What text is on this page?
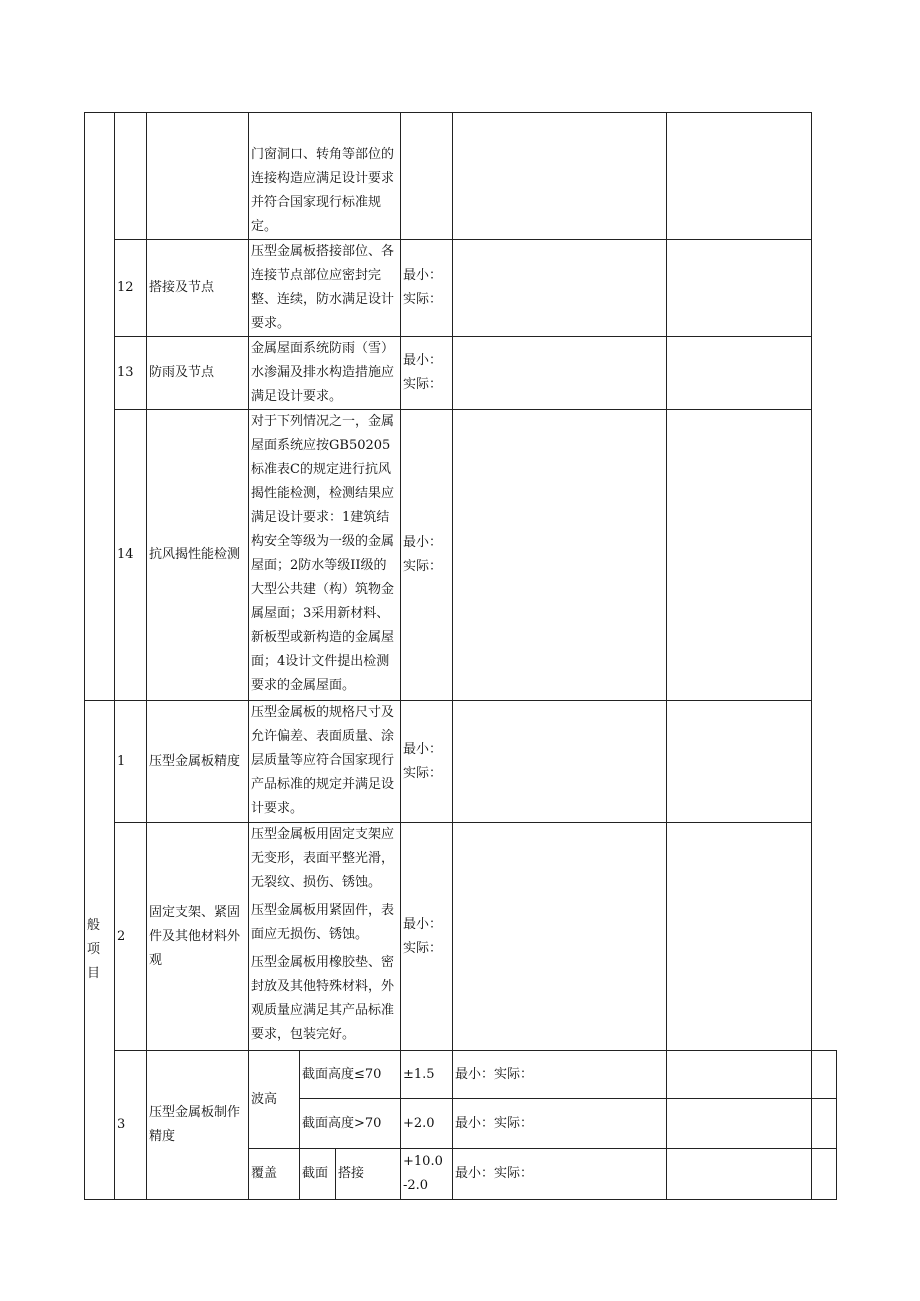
			门窗洞口、转角等部位的连接构造应满足设计要求并符合国家现行标准规定。						
	12	搭接及节点	压型金属板搭接部位、各连接节点部位应密封完整、连续，防水满足设计要求。			最小：实际：			
	13	防雨及节点	金属屋面系统防雨（雪）水渗漏及排水构造措施应满足设计要求。			最小：实际：			
	14	抗风揭性能检测	对于下列情况之一，金属屋面系统应按GB50205标准表C的规定进行抗风揭性能检测，检测结果应满足设计要求：1建筑结构安全等级为一级的金属屋面；2防水等级II级的大型公共建（构）筑物金属屋面；3采用新材料、新板型或新构造的金属屋面；4设计文件提出检测要求的金属屋面。			最小：实际：			
般项目	1	压型金属板精度	压型金属板的规格尺寸及允许偏差、表面质量、涂层质量等应符合国家现行产品标准的规定并满足设计要求。			最小：实际：			
	2	固定支架、紧固件及其他材料外观	压型金属板用固定支架应无变形，表面平整光滑，无裂纹、损伤、锈蚀。

压型金属板用紧固件，表面应无损伤、锈蚀。

压型金属板用橡胶垫、密封放及其他特殊材料，外观质量应满足其产品标准要求，包装完好。			最小：实际：			
	3	压型金属板制作精度	波高	截面高度≤70		±1.5	最小：实际：		
				截面高度>70		+2.0	最小：实际：		
			覆盖	截面	搭接	+10.0 -2.0	最小：实际：		
